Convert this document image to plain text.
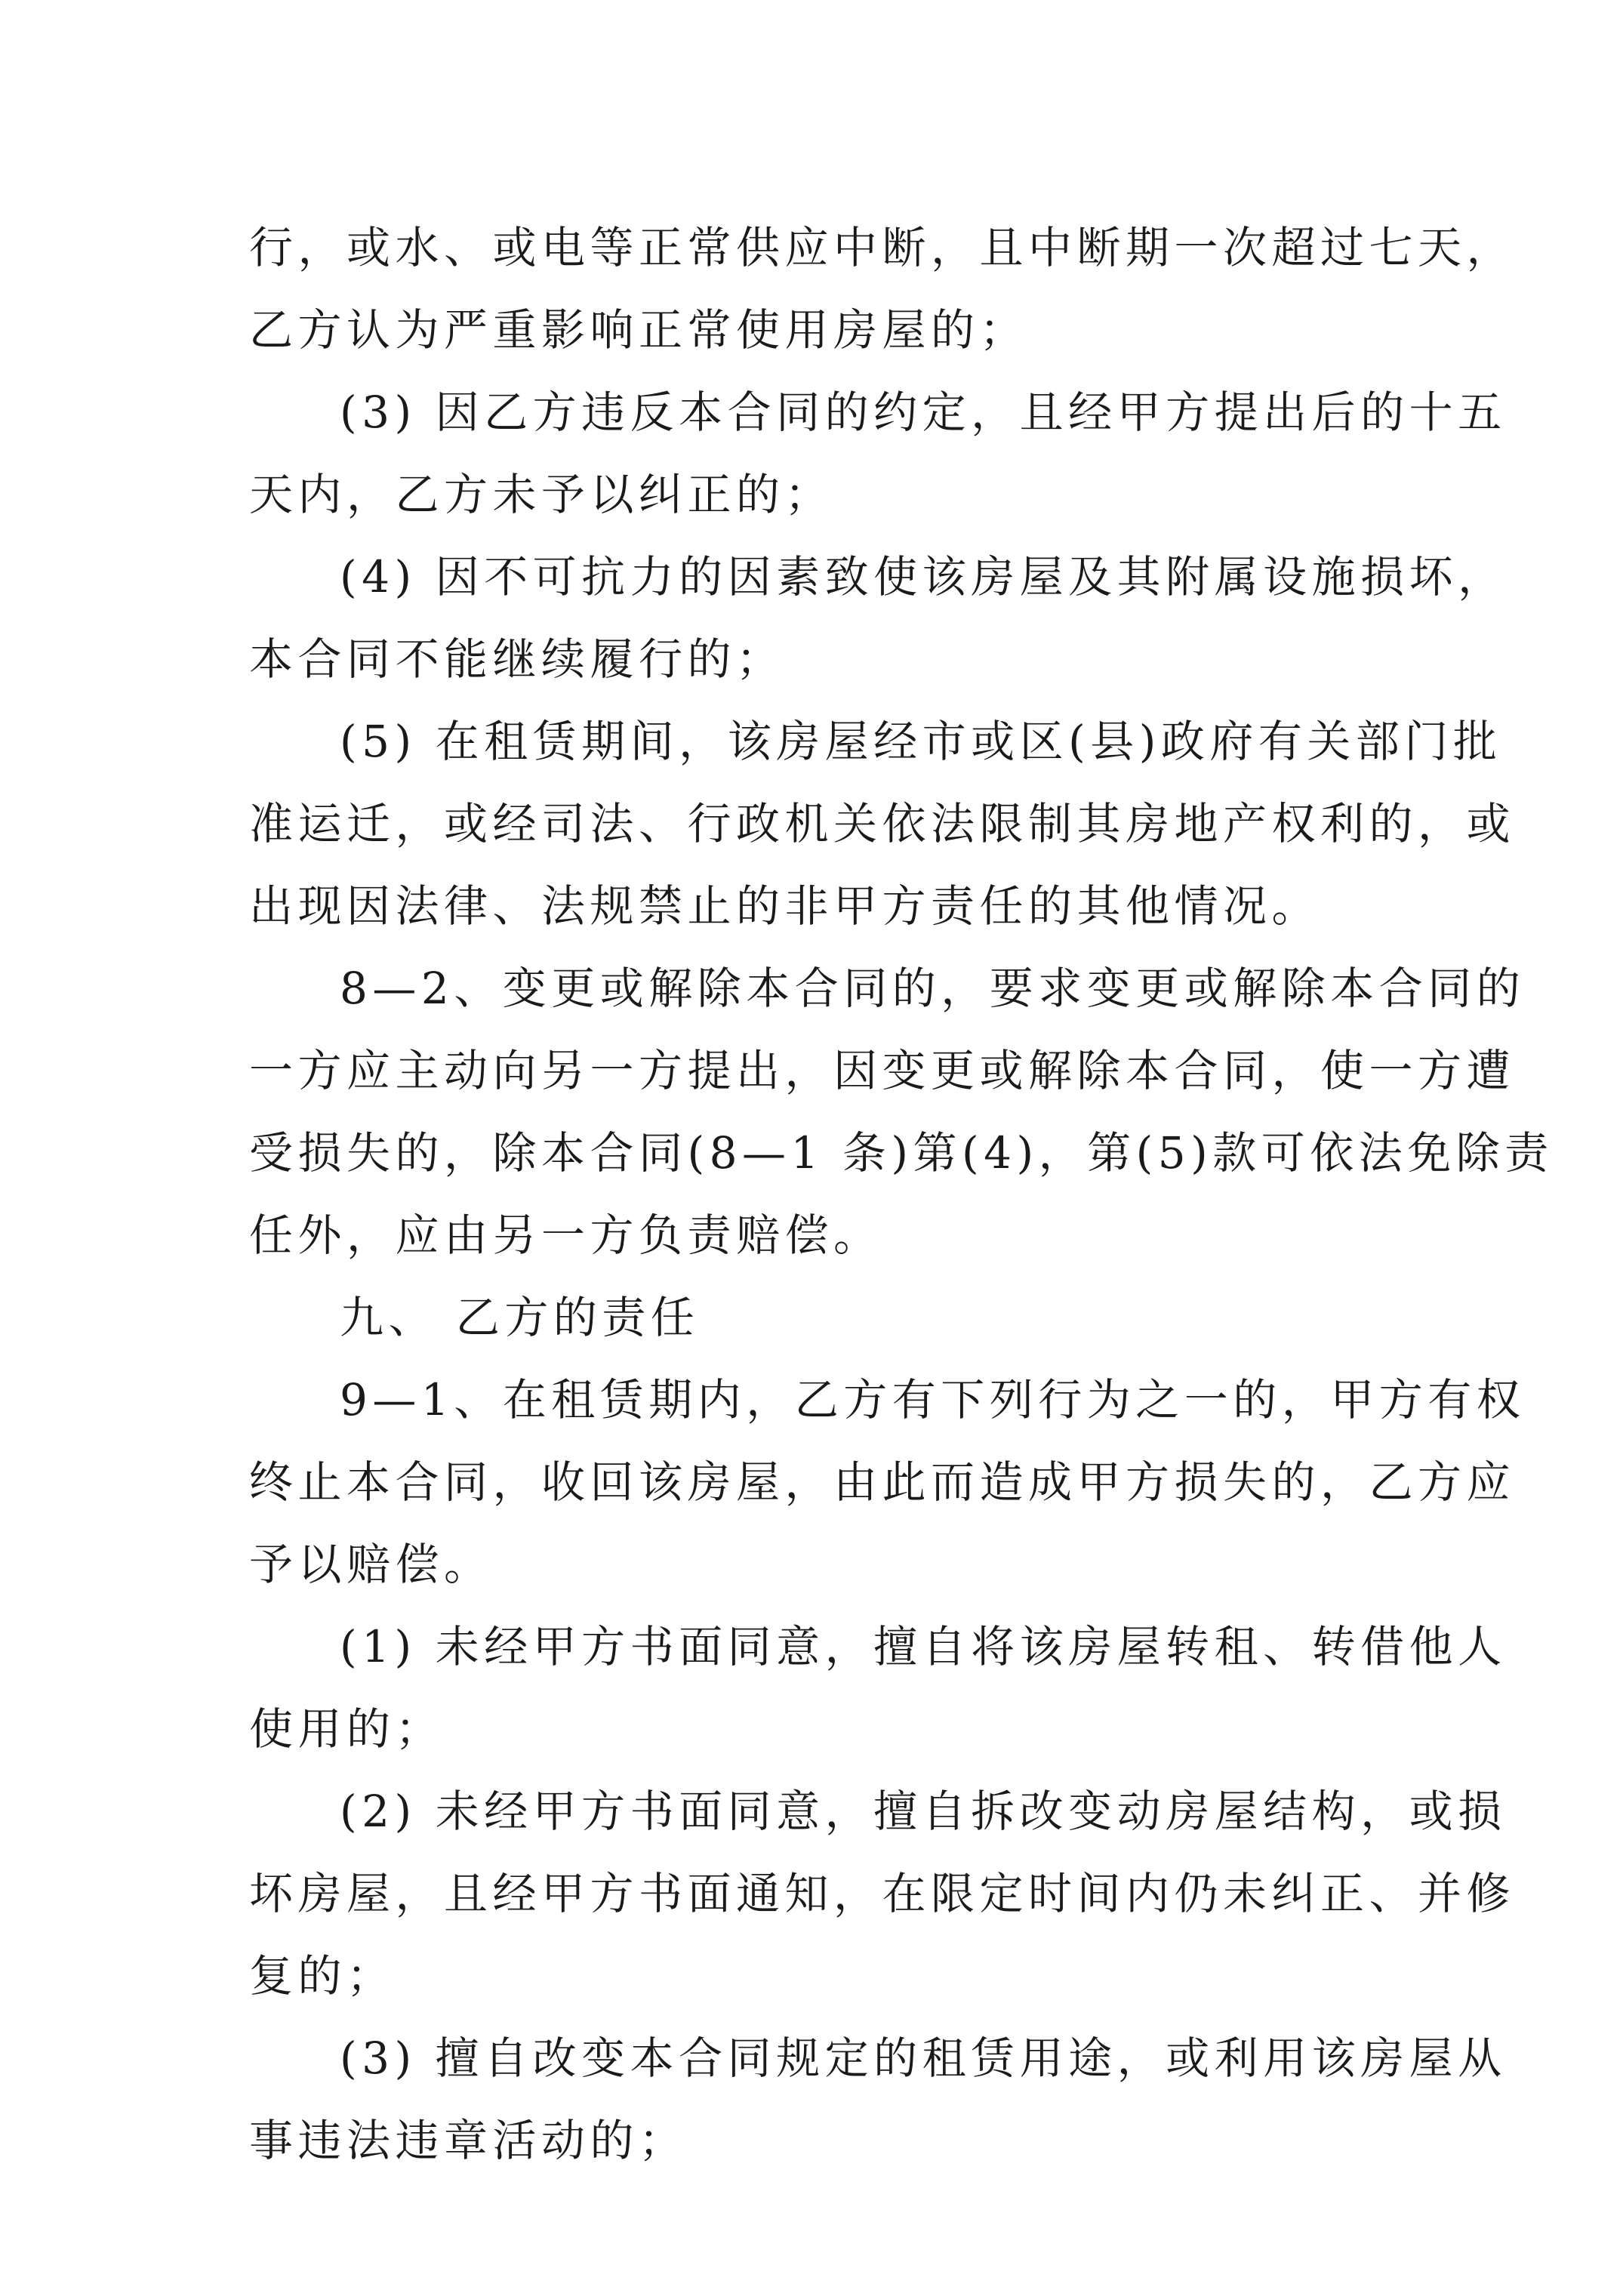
行，或水、或电等正常供应中断，且中断期一次超过七天，
乙方认为严重影响正常使用房屋的；
(3) 因乙方违反本合同的约定，且经甲方提出后的十五
天内，乙方未予以纠正的；
(4) 因不可抗力的因素致使该房屋及其附属设施损坏，
本合同不能继续履行的；
(5) 在租赁期间，该房屋经市或区(县)政府有关部门批
准运迁，或经司法、行政机关依法限制其房地产权利的，或
出现因法律、法规禁止的非甲方责任的其他情况。
8—2、变更或解除本合同的，要求变更或解除本合同的
一方应主动向另一方提出，因变更或解除本合同，使一方遭
受损失的，除本合同(8—1 条)第(4)，第(5)款可依法免除责
任外，应由另一方负责赔偿。
九、 乙方的责任
9—1、在租赁期内，乙方有下列行为之一的，甲方有权
终止本合同，收回该房屋，由此而造成甲方损失的，乙方应
予以赔偿。
(1) 未经甲方书面同意，擅自将该房屋转租、转借他人
使用的；
(2) 未经甲方书面同意，擅自拆改变动房屋结构，或损
坏房屋，且经甲方书面通知，在限定时间内仍未纠正、并修
复的；
(3) 擅自改变本合同规定的租赁用途，或利用该房屋从
事违法违章活动的；
